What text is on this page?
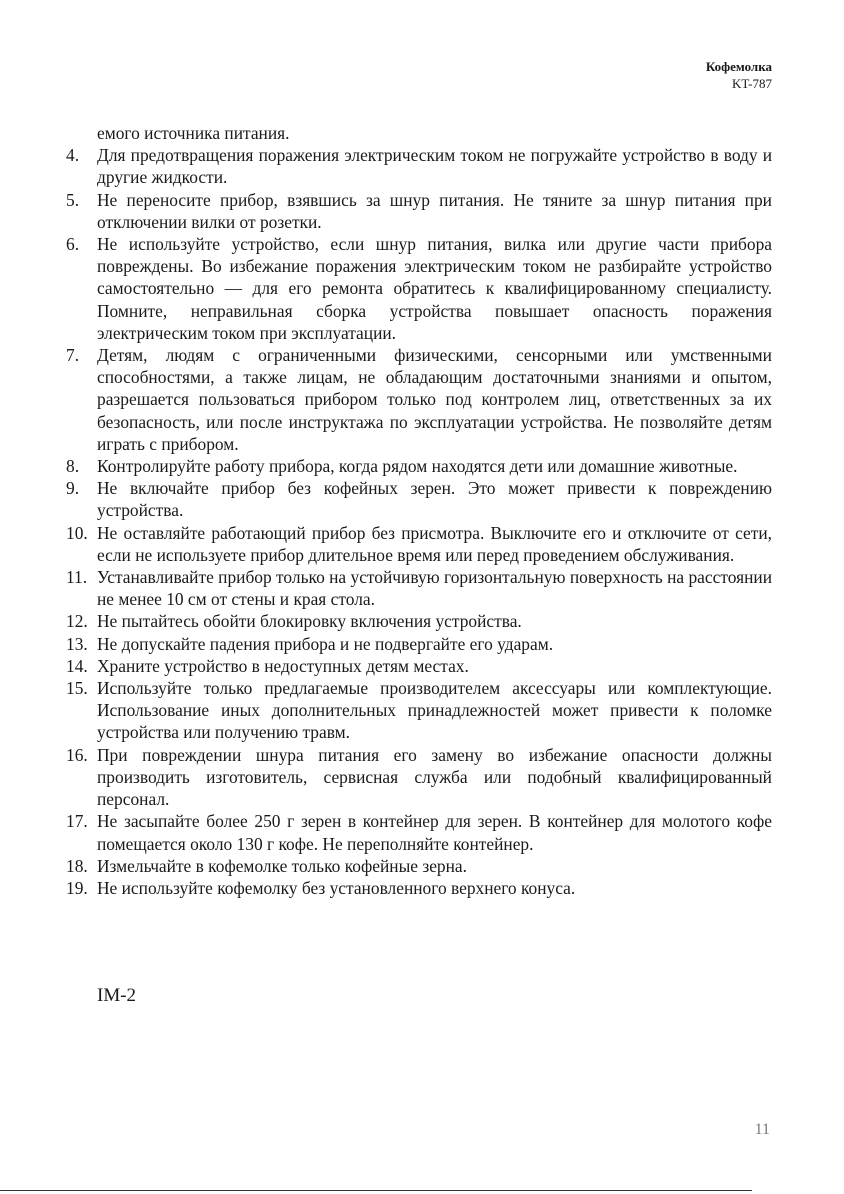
Кофемолка
KT-787
емого источника питания.
4. Для предотвращения поражения электрическим током не погружайте устройство в воду и другие жидкости.
5. Не переносите прибор, взявшись за шнур питания. Не тяните за шнур питания при отключении вилки от розетки.
6. Не используйте устройство, если шнур питания, вилка или другие части прибора повреждены. Во избежание поражения электрическим током не разбирайте устройство самостоятельно — для его ремонта обратитесь к квалифицированному специалисту. Помните, неправильная сборка устройства повышает опасность поражения электрическим током при эксплуатации.
7. Детям, людям с ограниченными физическими, сенсорными или умственными способностями, а также лицам, не обладающим достаточными знаниями и опытом, разрешается пользоваться прибором только под контролем лиц, ответственных за их безопасность, или после инструктажа по эксплуатации устройства. Не позволяйте детям играть с прибором.
8. Контролируйте работу прибора, когда рядом находятся дети или домашние животные.
9. Не включайте прибор без кофейных зерен. Это может привести к повреждению устройства.
10. Не оставляйте работающий прибор без присмотра. Выключите его и отключите от сети, если не используете прибор длительное время или перед проведением обслуживания.
11. Устанавливайте прибор только на устойчивую горизонтальную поверхность на расстоянии не менее 10 см от стены и края стола.
12. Не пытайтесь обойти блокировку включения устройства.
13. Не допускайте падения прибора и не подвергайте его ударам.
14. Храните устройство в недоступных детям местах.
15. Используйте только предлагаемые производителем аксессуары или комплектующие. Использование иных дополнительных принадлежностей может привести к поломке устройства или получению травм.
16. При повреждении шнура питания его замену во избежание опасности должны производить изготовитель, сервисная служба или подобный квалифицированный персонал.
17. Не засыпайте более 250 г зерен в контейнер для зерен. В контейнер для молотого кофе помещается около 130 г кофе. Не переполняйте контейнер.
18. Измельчайте в кофемолке только кофейные зерна.
19. Не используйте кофемолку без установленного верхнего конуса.
IM-2
11
